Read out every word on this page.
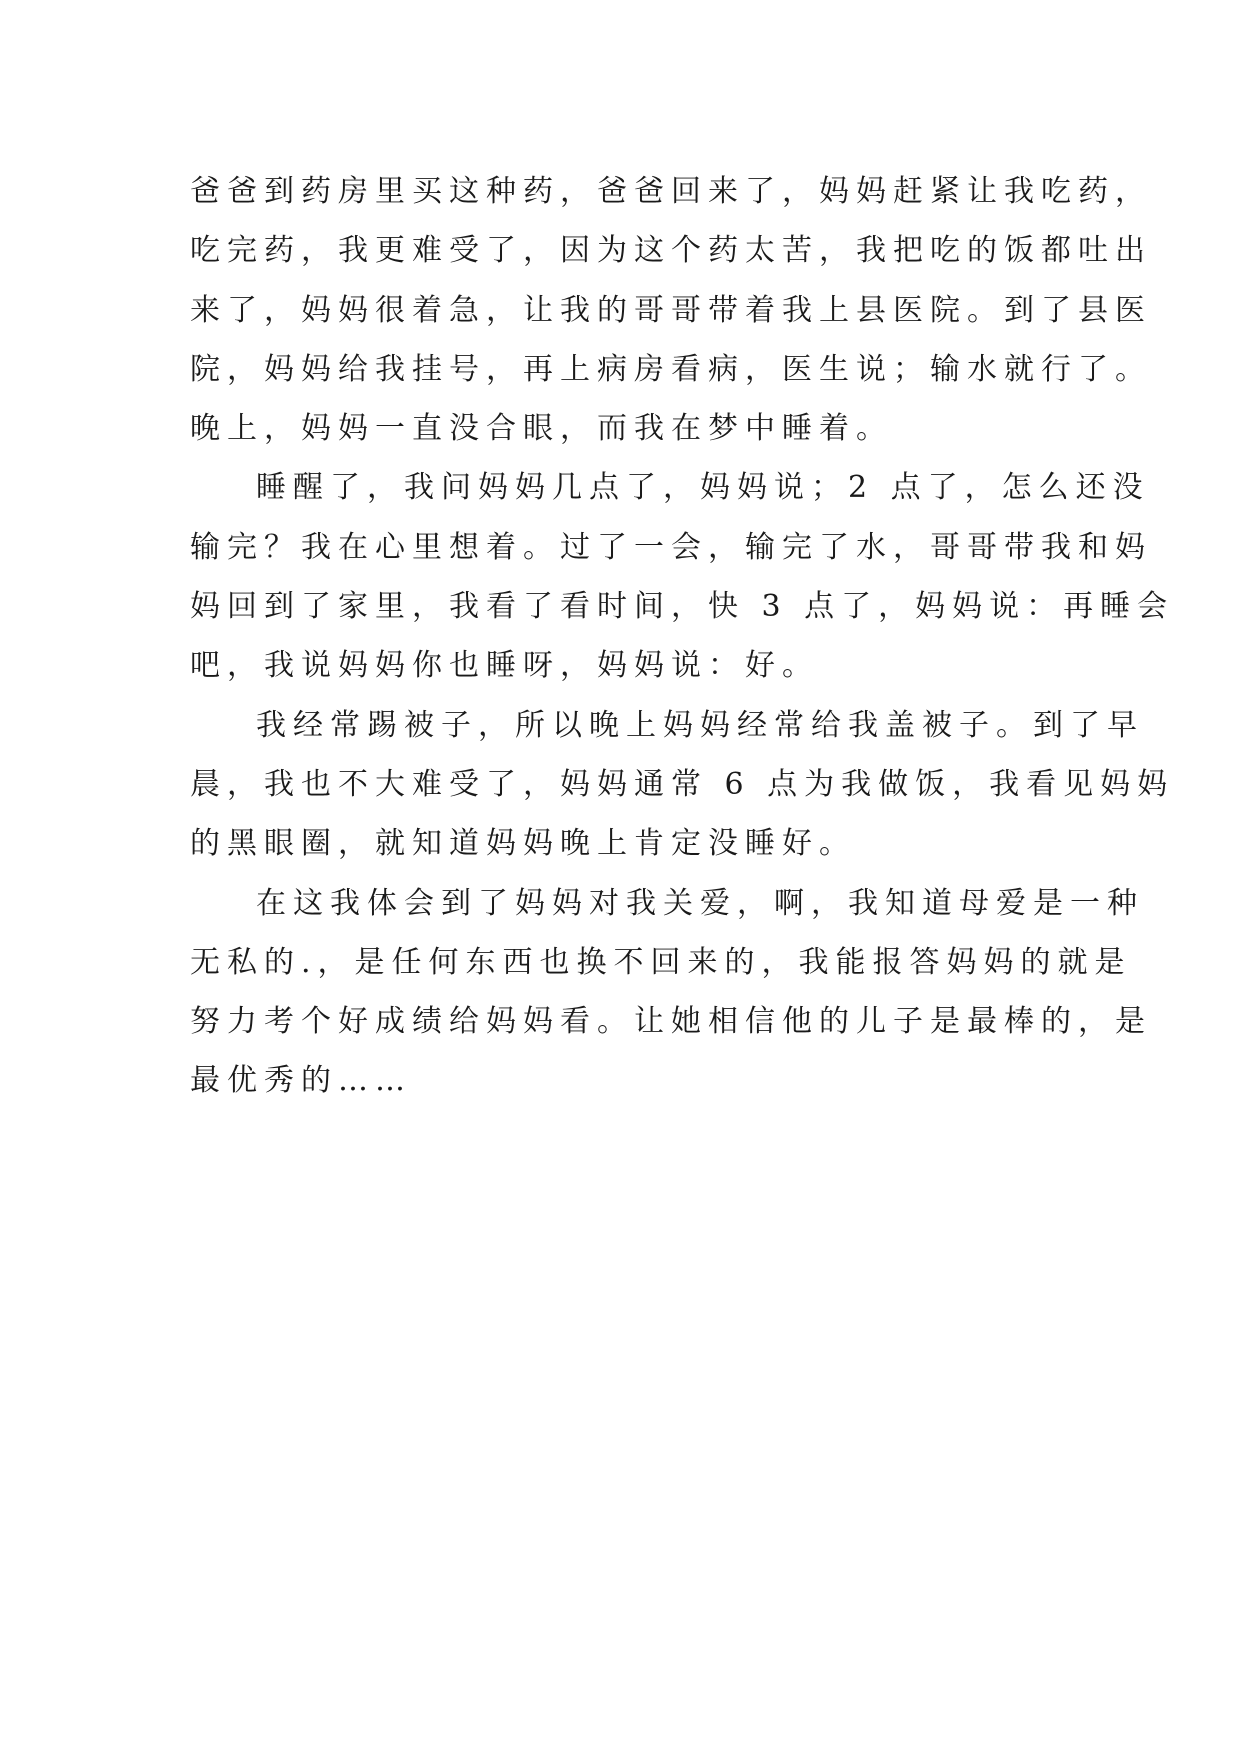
爸爸到药房里买这种药，爸爸回来了，妈妈赶紧让我吃药，
吃完药，我更难受了，因为这个药太苦，我把吃的饭都吐出
来了，妈妈很着急，让我的哥哥带着我上县医院。到了县医
院，妈妈给我挂号，再上病房看病，医生说；输水就行了。
晚上，妈妈一直没合眼，而我在梦中睡着。
睡醒了，我问妈妈几点了，妈妈说；2 点了，怎么还没
输完？我在心里想着。过了一会，输完了水，哥哥带我和妈
妈回到了家里，我看了看时间，快 3 点了，妈妈说：再睡会
吧，我说妈妈你也睡呀，妈妈说：好。
我经常踢被子，所以晚上妈妈经常给我盖被子。到了早
晨，我也不大难受了，妈妈通常 6 点为我做饭，我看见妈妈
的黑眼圈，就知道妈妈晚上肯定没睡好。
在这我体会到了妈妈对我关爱，啊，我知道母爱是一种
无私的.，是任何东西也换不回来的，我能报答妈妈的就是
努力考个好成绩给妈妈看。让她相信他的儿子是最棒的，是
最优秀的……
